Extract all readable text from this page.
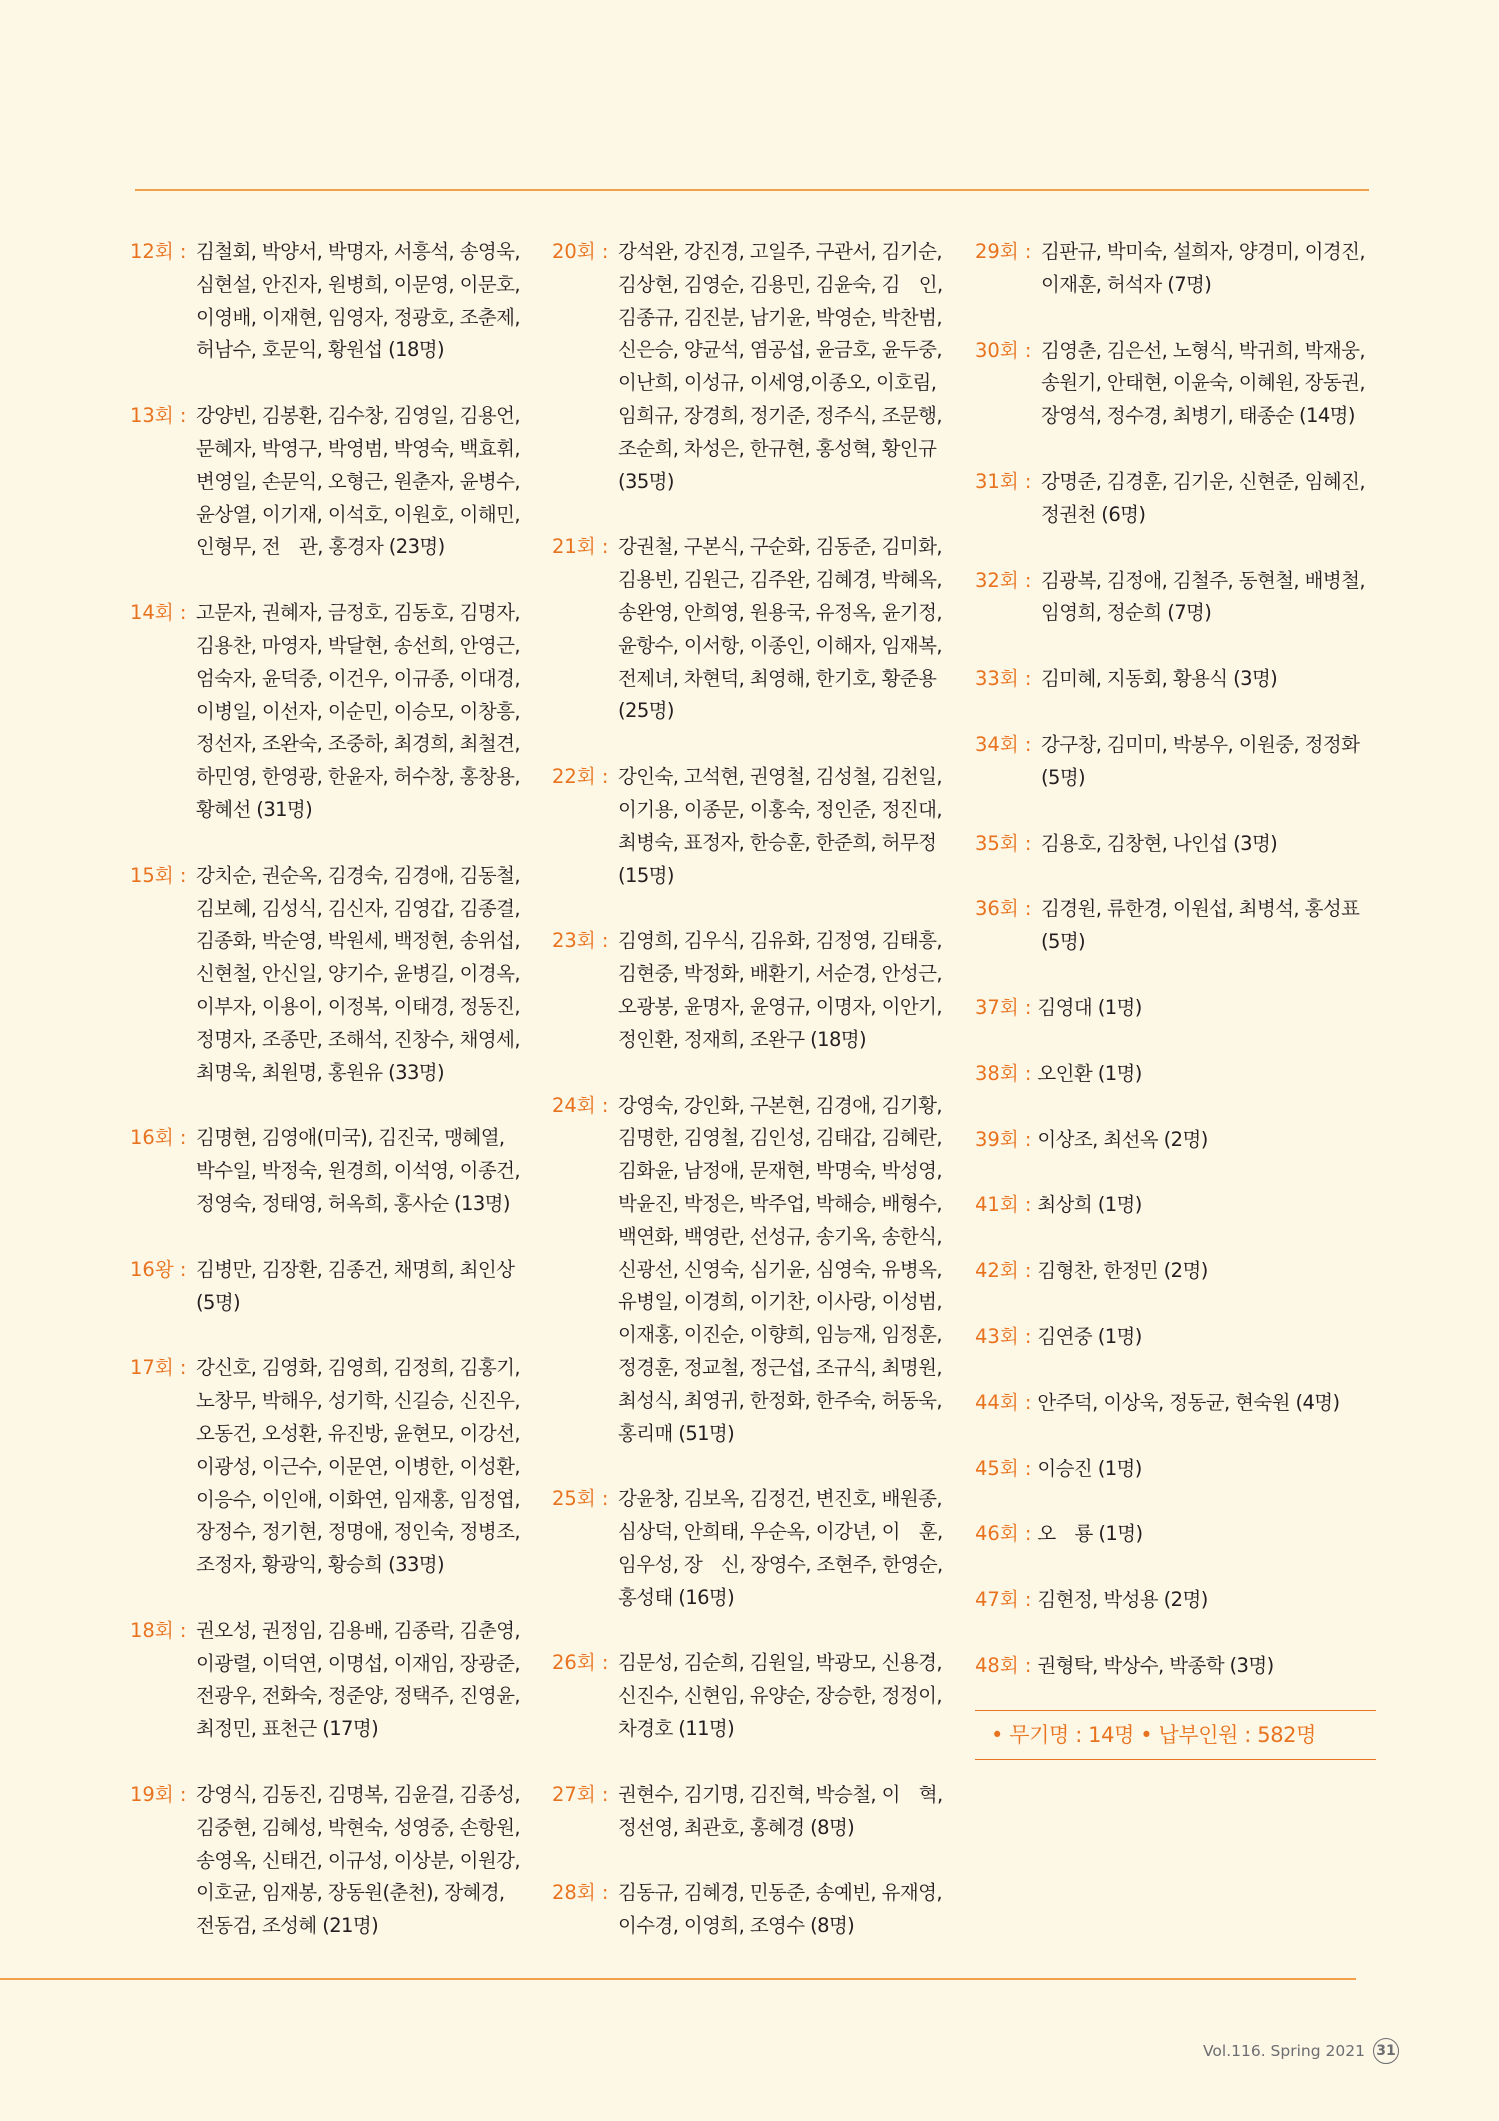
12회 : 김철회, 박양서, 박명자, 서흥석, 송영욱,
심현설, 안진자, 원병희, 이문영, 이문호,
이영배, 이재현, 임영자, 정광호, 조춘제,
허남수, 호문익, 황원섭 (18명)
13회 : 강양빈, 김봉환, 김수창, 김영일, 김용언,
문혜자, 박영구, 박영범, 박영숙, 백효휘,
변영일, 손문익, 오형근, 원춘자, 윤병수,
윤상열, 이기재, 이석호, 이원호, 이해민,
인형무, 전　관, 홍경자 (23명)
14회 : 고문자, 권혜자, 금정호, 김동호, 김명자,
김용찬, 마영자, 박달현, 송선희, 안영근,
엄숙자, 윤덕중, 이건우, 이규종, 이대경,
이병일, 이선자, 이순민, 이승모, 이창흥,
정선자, 조완숙, 조중하, 최경희, 최철견,
하민영, 한영광, 한윤자, 허수창, 홍창용,
황혜선 (31명)
15회 : 강치순, 권순옥, 김경숙, 김경애, 김동철,
김보혜, 김성식, 김신자, 김영갑, 김종결,
김종화, 박순영, 박원세, 백정현, 송위섭,
신현철, 안신일, 양기수, 윤병길, 이경옥,
이부자, 이용이, 이정복, 이태경, 정동진,
정명자, 조종만, 조해석, 진창수, 채영세,
최명욱, 최원명, 홍원유 (33명)
16회 : 김명현, 김영애(미국), 김진국, 맹혜열,
박수일, 박정숙, 원경희, 이석영, 이종건,
정영숙, 정태영, 허옥희, 홍사순 (13명)
16왕 : 김병만, 김장환, 김종건, 채명희, 최인상
(5명)
17회 : 강신호, 김영화, 김영희, 김정희, 김홍기,
노창무, 박해우, 성기학, 신길승, 신진우,
오동건, 오성환, 유진방, 윤현모, 이강선,
이광성, 이근수, 이문연, 이병한, 이성환,
이응수, 이인애, 이화연, 임재홍, 임정엽,
장정수, 정기현, 정명애, 정인숙, 정병조,
조정자, 황광익, 황승희 (33명)
18회 : 권오성, 권정임, 김용배, 김종락, 김춘영,
이광렬, 이덕연, 이명섭, 이재임, 장광준,
전광우, 전화숙, 정준양, 정택주, 진영윤,
최정민, 표천근 (17명)
19회 : 강영식, 김동진, 김명복, 김윤걸, 김종성,
김중현, 김혜성, 박현숙, 성영중, 손항원,
송영옥, 신태건, 이규성, 이상분, 이원강,
이호균, 임재봉, 장동원(춘천), 장혜경,
전동검, 조성혜 (21명)
20회 : 강석완, 강진경, 고일주, 구관서, 김기순,
김상현, 김영순, 김용민, 김윤숙, 김　인,
김종규, 김진분, 남기윤, 박영순, 박찬범,
신은승, 양균석, 염공섭, 윤금호, 윤두중,
이난희, 이성규, 이세영,이종오, 이호림,
임희규, 장경희, 정기준, 정주식, 조문행,
조순희, 차성은, 한규현, 홍성혁, 황인규
(35명)
21회 : 강권철, 구본식, 구순화, 김동준, 김미화,
김용빈, 김원근, 김주완, 김혜경, 박혜옥,
송완영, 안희영, 원용국, 유정옥, 윤기정,
윤항수, 이서항, 이종인, 이해자, 임재복,
전제녀, 차현덕, 최영해, 한기호, 황준용
(25명)
22회 : 강인숙, 고석현, 권영철, 김성철, 김천일,
이기용, 이종문, 이홍숙, 정인준, 정진대,
최병숙, 표정자, 한승훈, 한준희, 허무정
(15명)
23회 : 김영희, 김우식, 김유화, 김정영, 김태흥,
김현중, 박정화, 배환기, 서순경, 안성근,
오광봉, 윤명자, 윤영규, 이명자, 이안기,
정인환, 정재희, 조완구 (18명)
24회 : 강영숙, 강인화, 구본현, 김경애, 김기황,
김명한, 김영철, 김인성, 김태갑, 김혜란,
김화윤, 남정애, 문재현, 박명숙, 박성영,
박윤진, 박정은, 박주업, 박해승, 배형수,
백연화, 백영란, 선성규, 송기옥, 송한식,
신광선, 신영숙, 심기윤, 심영숙, 유병옥,
유병일, 이경희, 이기찬, 이사랑, 이성범,
이재홍, 이진순, 이향희, 임능재, 임정훈,
정경훈, 정교철, 정근섭, 조규식, 최명원,
최성식, 최영귀, 한정화, 한주숙, 허동욱,
홍리매 (51명)
25회 : 강윤창, 김보옥, 김정건, 변진호, 배원종,
심상덕, 안희태, 우순옥, 이강년, 이　훈,
임우성, 장　신, 장영수, 조현주, 한영순,
홍성태 (16명)
26회 : 김문성, 김순희, 김원일, 박광모, 신용경,
신진수, 신현임, 유양순, 장승한, 정정이,
차경호 (11명)
27회 : 권현수, 김기명, 김진혁, 박승철, 이　혁,
정선영, 최관호, 홍혜경 (8명)
28회 : 김동규, 김혜경, 민동준, 송예빈, 유재영,
이수경, 이영희, 조영수 (8명)
29회 : 김판규, 박미숙, 설희자, 양경미, 이경진,
이재훈, 허석자 (7명)
30회 : 김영춘, 김은선, 노형식, 박귀희, 박재웅,
송원기, 안태현, 이윤숙, 이혜원, 장동권,
장영석, 정수경, 최병기, 태종순 (14명)
31회 : 강명준, 김경훈, 김기운, 신현준, 임혜진,
정권천 (6명)
32회 : 김광복, 김정애, 김철주, 동현철, 배병철,
임영희, 정순희 (7명)
33회 : 김미혜, 지동회, 황용식 (3명)
34회 : 강구창, 김미미, 박봉우, 이원중, 정정화
(5명)
35회 : 김용호, 김창현, 나인섭 (3명)
36회 : 김경원, 류한경, 이원섭, 최병석, 홍성표
(5명)
37회 : 김영대 (1명)
38회 : 오인환 (1명)
39회 : 이상조, 최선옥 (2명)
41회 : 최상희 (1명)
42회 : 김형찬, 한정민 (2명)
43회 : 김연중 (1명)
44회 : 안주덕, 이상욱, 정동균, 현숙원 (4명)
45회 : 이승진 (1명)
46회 : 오　룡 (1명)
47회 : 김현정, 박성용 (2명)
48회 : 권형탁, 박상수, 박종학 (3명)
• 무기명 : 14명 • 납부인원 : 582명
Vol.116. Spring 2021 31
